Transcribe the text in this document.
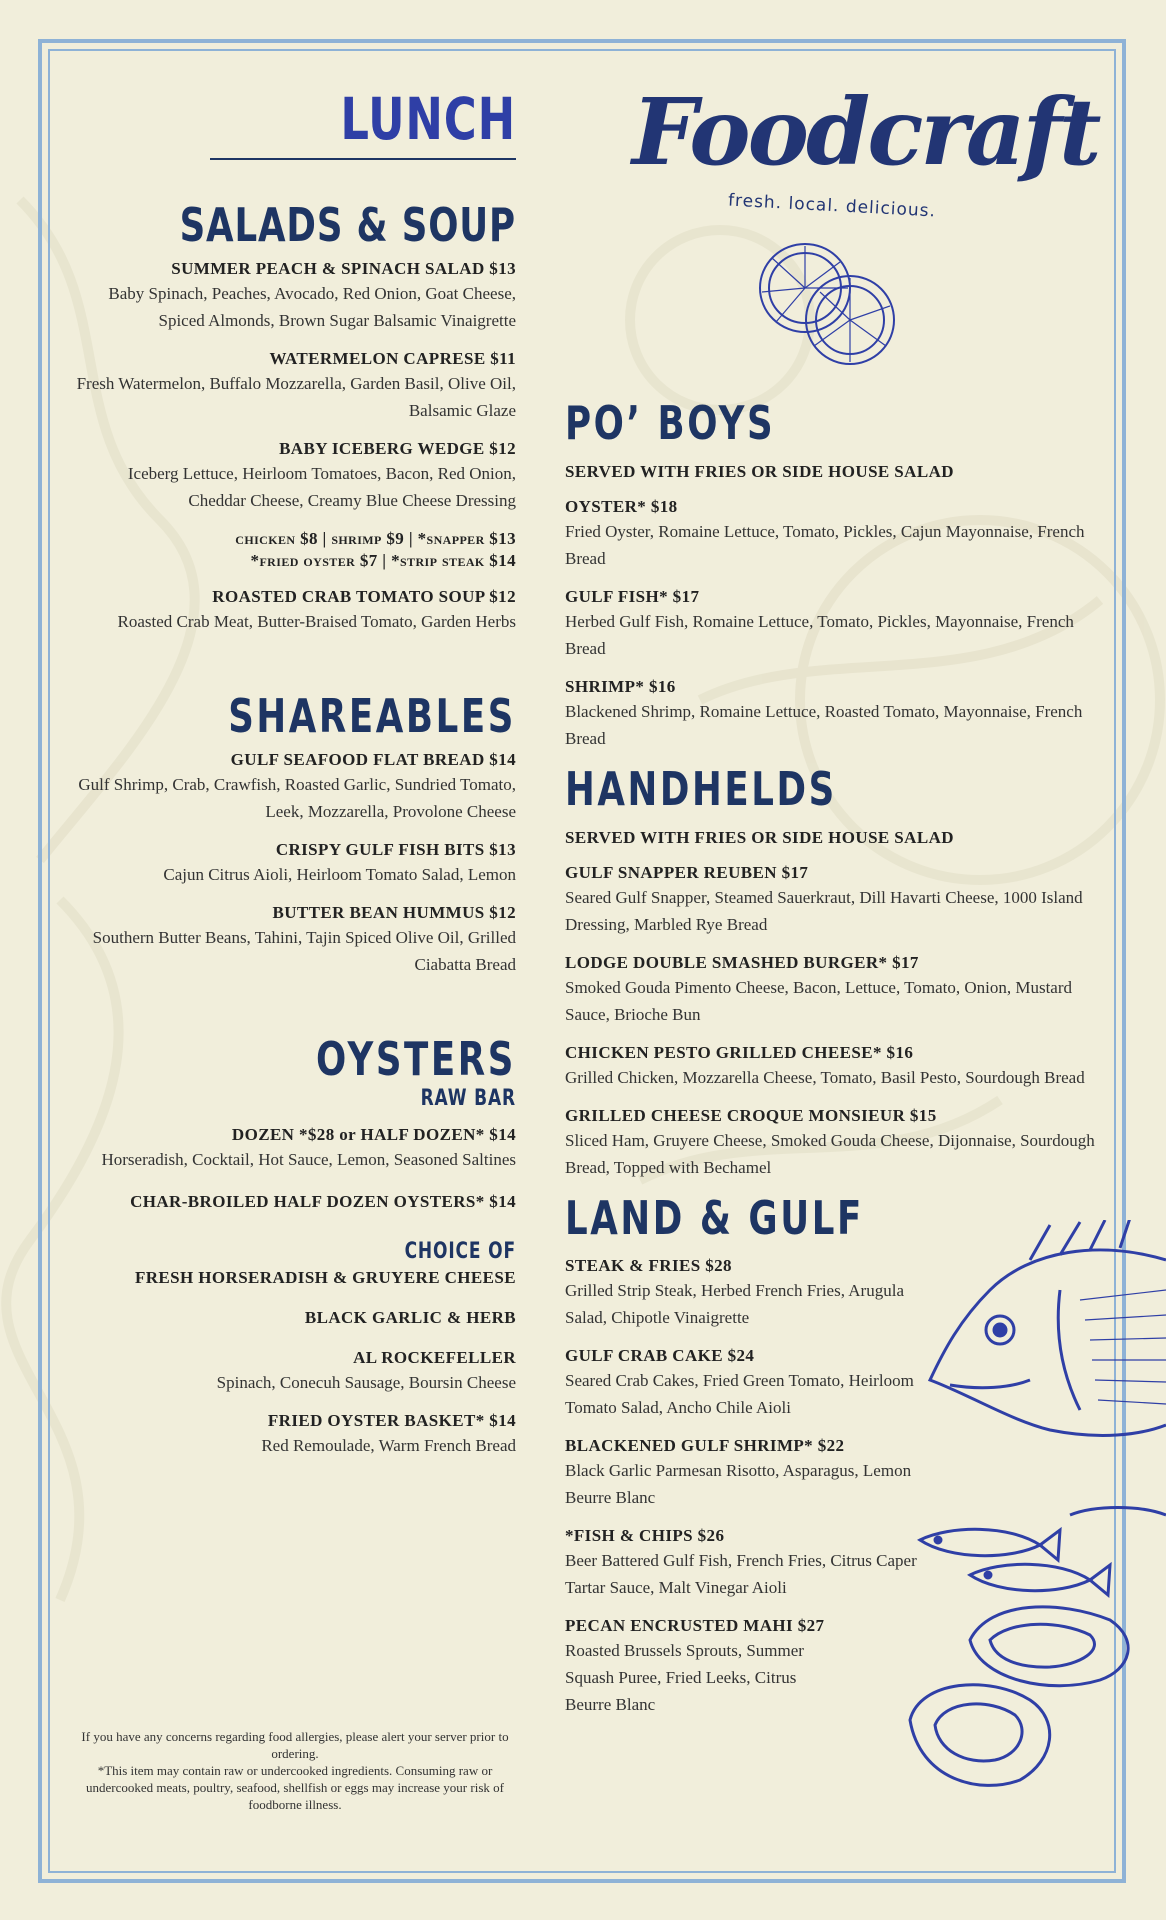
Foodcraft
fresh. local. delicious.
LUNCH
SALADS & SOUP
SUMMER PEACH & SPINACH SALAD $13
Baby Spinach, Peaches, Avocado, Red Onion, Goat Cheese, Spiced Almonds, Brown Sugar Balsamic Vinaigrette
WATERMELON CAPRESE $11
Fresh Watermelon, Buffalo Mozzarella, Garden Basil, Olive Oil, Balsamic Glaze
BABY ICEBERG WEDGE $12
Iceberg Lettuce, Heirloom Tomatoes, Bacon, Red Onion, Cheddar Cheese, Creamy Blue Cheese Dressing
chicken $8 | shrimp $9 | *snapper $13
*fried oyster $7 | *strip steak $14
ROASTED CRAB TOMATO SOUP $12
Roasted Crab Meat, Butter-Braised Tomato, Garden Herbs
SHAREABLES
GULF SEAFOOD FLAT BREAD $14
Gulf Shrimp, Crab, Crawfish, Roasted Garlic, Sundried Tomato, Leek, Mozzarella, Provolone Cheese
CRISPY GULF FISH BITS $13
Cajun Citrus Aioli, Heirloom Tomato Salad, Lemon
BUTTER BEAN HUMMUS $12
Southern Butter Beans, Tahini, Tajin Spiced Olive Oil, Grilled Ciabatta Bread
OYSTERS
RAW BAR
DOZEN *$28 or HALF DOZEN* $14
Horseradish, Cocktail, Hot Sauce, Lemon, Seasoned Saltines
CHAR-BROILED HALF DOZEN OYSTERS* $14
CHOICE OF
FRESH HORSERADISH & GRUYERE CHEESE
BLACK GARLIC & HERB
AL ROCKEFELLER
Spinach, Conecuh Sausage, Boursin Cheese
FRIED OYSTER BASKET* $14
Red Remoulade, Warm French Bread
PO’ BOYS
SERVED WITH FRIES OR SIDE HOUSE SALAD
OYSTER* $18
Fried Oyster, Romaine Lettuce, Tomato, Pickles, Cajun Mayonnaise, French Bread
GULF FISH* $17
Herbed Gulf Fish, Romaine Lettuce, Tomato, Pickles, Mayonnaise, French Bread
SHRIMP* $16
Blackened Shrimp, Romaine Lettuce, Roasted Tomato, Mayonnaise, French Bread
HANDHELDS
SERVED WITH FRIES OR SIDE HOUSE SALAD
GULF SNAPPER REUBEN $17
Seared Gulf Snapper, Steamed Sauerkraut, Dill Havarti Cheese, 1000 Island Dressing, Marbled Rye Bread
LODGE DOUBLE SMASHED BURGER* $17
Smoked Gouda Pimento Cheese, Bacon, Lettuce, Tomato, Onion, Mustard Sauce, Brioche Bun
CHICKEN PESTO GRILLED CHEESE* $16
Grilled Chicken, Mozzarella Cheese, Tomato, Basil Pesto, Sourdough Bread
GRILLED CHEESE CROQUE MONSIEUR $15
Sliced Ham, Gruyere Cheese, Smoked Gouda Cheese, Dijonnaise, Sourdough Bread, Topped with Bechamel
LAND & GULF
STEAK & FRIES $28
Grilled Strip Steak, Herbed French Fries, Arugula Salad, Chipotle Vinaigrette
GULF CRAB CAKE $24
Seared Crab Cakes, Fried Green Tomato, Heirloom Tomato Salad, Ancho Chile Aioli
BLACKENED GULF SHRIMP* $22
Black Garlic Parmesan Risotto, Asparagus, Lemon Beurre Blanc
*FISH & CHIPS $26
Beer Battered Gulf Fish, French Fries, Citrus Caper Tartar Sauce, Malt Vinegar Aioli
PECAN ENCRUSTED MAHI $27
Roasted Brussels Sprouts, Summer Squash Puree, Fried Leeks, Citrus Beurre Blanc
If you have any concerns regarding food allergies, please alert your server prior to ordering.
*This item may contain raw or undercooked ingredients. Consuming raw or undercooked meats, poultry, seafood, shellfish or eggs may increase your risk of foodborne illness.
